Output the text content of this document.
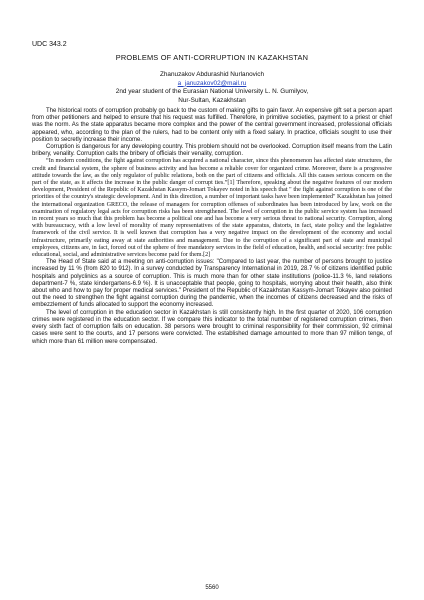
UDC 343.2
PROBLEMS OF ANTI-CORRUPTION IN KAZAKHSTAN
Zhanuzakov Abdurashid Nurlanovich
a_januzakov02@mail.ru
2nd year student of the Eurasian National University L. N. Gumilyov,
Nur-Sultan, Kazakhstan

The historical roots of corruption probably go back to the custom of making gifts to gain favor. An expensive gift set a person apart from other petitioners and helped to ensure that his request was fulfilled. Therefore, in primitive societies, payment to a priest or chief was the norm. As the state apparatus became more complex and the power of the central government increased, professional officials appeared, who, according to the plan of the rulers, had to be content only with a fixed salary. In practice, officials sought to use their position to secretly increase their income.

Corruption is dangerous for any developing country. This problem should not be overlooked. Corruption itself means from the Latin bribery, venality. Corruption calls the bribery of officials their venality, corruption.

“In modern conditions, the fight against corruption has acquired a national character, since this phenomenon has affected state structures, the credit and financial system, the sphere of business activity and has become a reliable cover for organized crime. Moreover, there is a progressive attitude towards the law, as the only regulator of public relations, both on the part of citizens and officials. All this causes serious concern on the part of the state, as it affects the increase in the public danger of corrupt ties.”[1] Therefore, speaking about the negative features of our modern development, President of the Republic of Kazakhstan Kassym-Jomart Tokayev noted in his speech that " the fight against corruption is one of the priorities of the country's strategic development. And in this direction, a number of important tasks have been implemented" Kazakhstan has joined the international organization GRECO, the release of managers for corruption offenses of subordinates has been introduced by law, work on the examination of regulatory legal acts for corruption risks has been strengthened. The level of corruption in the public service system has increased in recent years so much that this problem has become a political one and has become a very serious threat to national security. Corruption, along with bureaucracy, with a low level of morality of many representatives of the state apparatus, distorts, in fact, state policy and the legislative framework of the civil service. It is well known that corruption has a very negative impact on the development of the economy and social infrastructure, primarily eating away at state authorities and management. Due to the corruption of a significant part of state and municipal employees, citizens are, in fact, forced out of the sphere of free mandatory services in the field of education, health, and social security: free public educational, social, and administrative services become paid for them.[2]

The Head of State said at a meeting on anti-corruption issues: "Compared to last year, the number of persons brought to justice increased by 11 % (from 820 to 912). In a survey conducted by Transparency International in 2019, 28.7 % of citizens identified public hospitals and polyclinics as a source of corruption. This is much more than for other state institutions (police-11.3 %, land relations department-7 %, state kindergartens-6.9 %). It is unacceptable that people, going to hospitals, worrying about their health, also think about who and how to pay for proper medical services." President of the Republic of Kazakhstan Kassym-Jomart Tokayev also pointed out the need to strengthen the fight against corruption during the pandemic, when the incomes of citizens decreased and the risks of embezzlement of funds allocated to support the economy increased.

The level of corruption in the education sector in Kazakhstan is still consistently high. In the first quarter of 2020, 106 corruption crimes were registered in the education sector. If we compare this indicator to the total number of registered corruption crimes, then every sixth fact of corruption falls on education. 38 persons were brought to criminal responsibility for their commission, 92 criminal cases were sent to the courts, and 17 persons were convicted. The established damage amounted to more than 97 million tenge, of which more than 61 million were compensated.

5560
